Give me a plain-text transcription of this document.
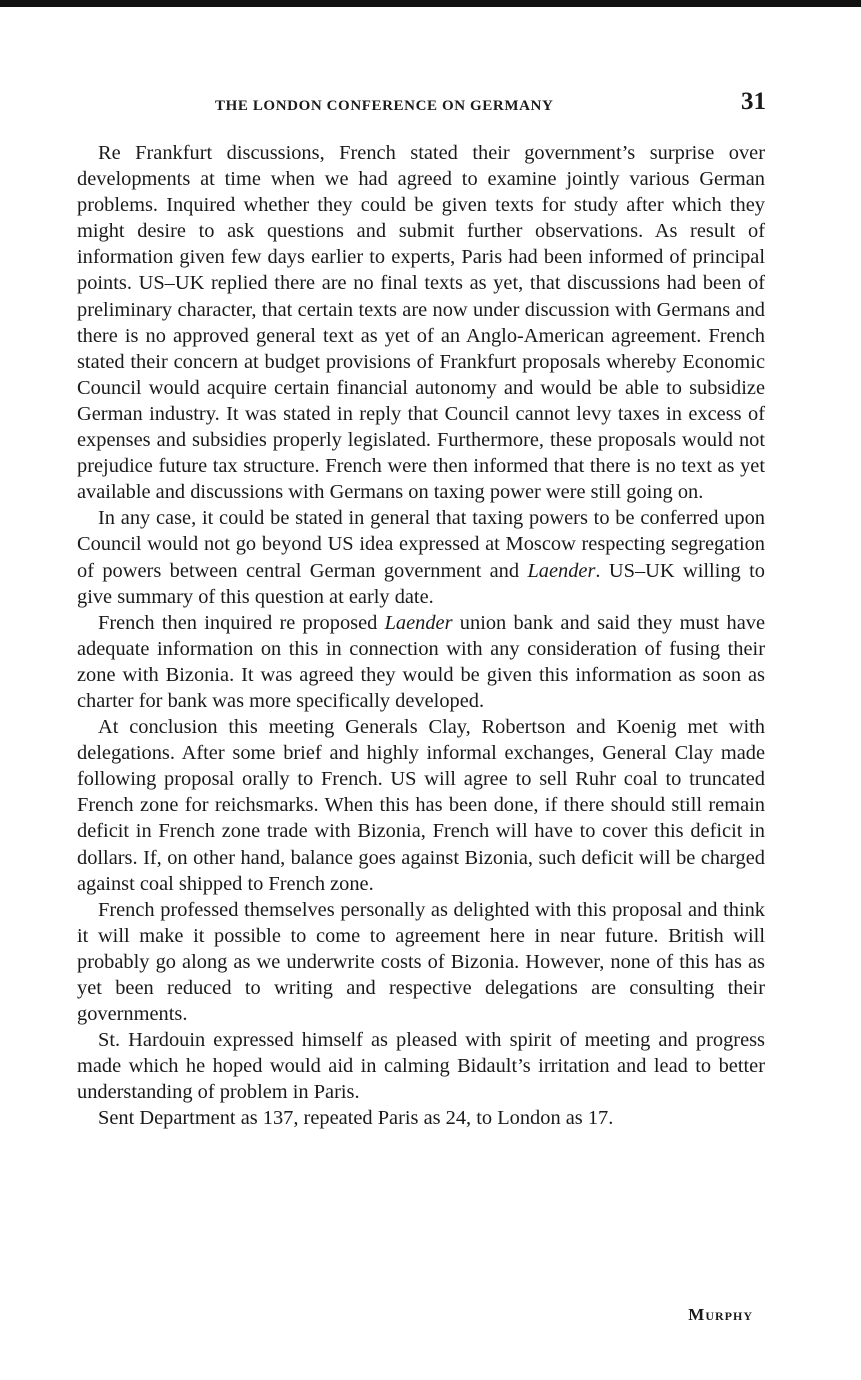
THE LONDON CONFERENCE ON GERMANY	31

Re Frankfurt discussions, French stated their government’s surprise over developments at time when we had agreed to examine jointly various German problems. Inquired whether they could be given texts for study after which they might desire to ask questions and submit further observations. As result of information given few days earlier to experts, Paris had been informed of principal points. US–UK replied there are no final texts as yet, that discussions had been of preliminary character, that certain texts are now under discussion with Germans and there is no approved general text as yet of an Anglo-American agreement. French stated their concern at budget provisions of Frankfurt proposals whereby Economic Council would acquire certain financial autonomy and would be able to subsidize German industry. It was stated in reply that Council cannot levy taxes in excess of expenses and subsidies properly legislated. Furthermore, these proposals would not prejudice future tax structure. French were then informed that there is no text as yet available and discussions with Germans on taxing power were still going on.

In any case, it could be stated in general that taxing powers to be conferred upon Council would not go beyond US idea expressed at Moscow respecting segregation of powers between central German government and Laender. US–UK willing to give summary of this question at early date.

French then inquired re proposed Laender union bank and said they must have adequate information on this in connection with any consideration of fusing their zone with Bizonia. It was agreed they would be given this information as soon as charter for bank was more specifically developed.

At conclusion this meeting Generals Clay, Robertson and Koenig met with delegations. After some brief and highly informal exchanges, General Clay made following proposal orally to French. US will agree to sell Ruhr coal to truncated French zone for reichsmarks. When this has been done, if there should still remain deficit in French zone trade with Bizonia, French will have to cover this deficit in dollars. If, on other hand, balance goes against Bizonia, such deficit will be charged against coal shipped to French zone.

French professed themselves personally as delighted with this proposal and think it will make it possible to come to agreement here in near future. British will probably go along as we underwrite costs of Bizonia. However, none of this has as yet been reduced to writing and respective delegations are consulting their governments.

St. Hardouin expressed himself as pleased with spirit of meeting and progress made which he hoped would aid in calming Bidault’s irritation and lead to better understanding of problem in Paris.

Sent Department as 137, repeated Paris as 24, to London as 17.

Murphy
